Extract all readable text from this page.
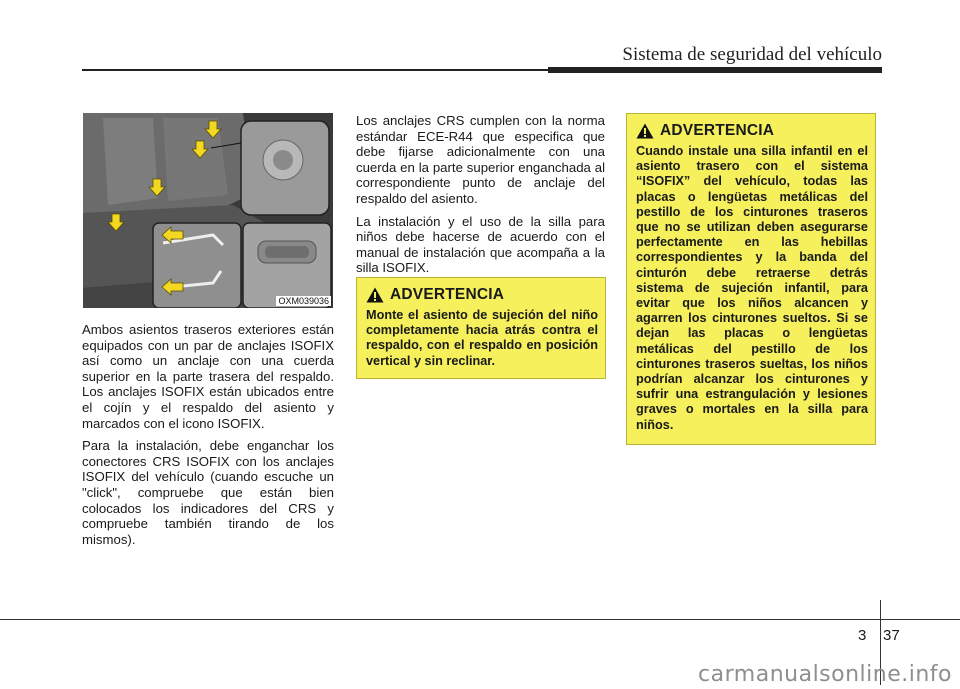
Sistema de seguridad del vehículo
OXM039036

Ambos asientos traseros exteriores están equipados con un par de anclajes ISOFIX así como un anclaje con una cuerda superior en la parte trasera del respaldo. Los anclajes ISOFIX están ubicados entre el cojín y el respaldo del asiento y marcados con el icono ISOFIX.

Para la instalación, debe enganchar los conectores CRS ISOFIX con los anclajes ISOFIX del vehículo (cuando escuche un "click", compruebe que están bien colocados los indicadores del CRS y compruebe también tirando de los mismos).

Los anclajes CRS cumplen con la norma estándar ECE-R44 que especifica que debe fijarse adicionalmente con una cuerda en la parte superior enganchada al correspondiente punto de anclaje del respaldo del asiento.

La instalación y el uso de la silla para niños debe hacerse de acuerdo con el manual de instalación que acompaña a la silla ISOFIX.

ADVERTENCIA
Monte el asiento de sujeción del niño completamente hacia atrás contra el respaldo, con el respaldo en posición vertical y sin reclinar.
ADVERTENCIA
Cuando instale una silla infantil en el asiento trasero con el sistema “ISOFIX” del vehículo, todas las placas o lengüetas metálicas del pestillo de los cinturones traseros que no se utilizan deben asegurarse perfectamente en las hebillas correspondientes y la banda del cinturón debe retraerse detrás sistema de sujeción infantil, para evitar que los niños alcancen y agarren los cinturones sueltos. Si se dejan las placas o lengüetas metálicas del pestillo de los cinturones traseros sueltas, los niños podrían alcanzar los cinturones y sufrir una estrangulación y lesiones graves o mortales en la silla para niños.
3 37
carmanualsonline.info
